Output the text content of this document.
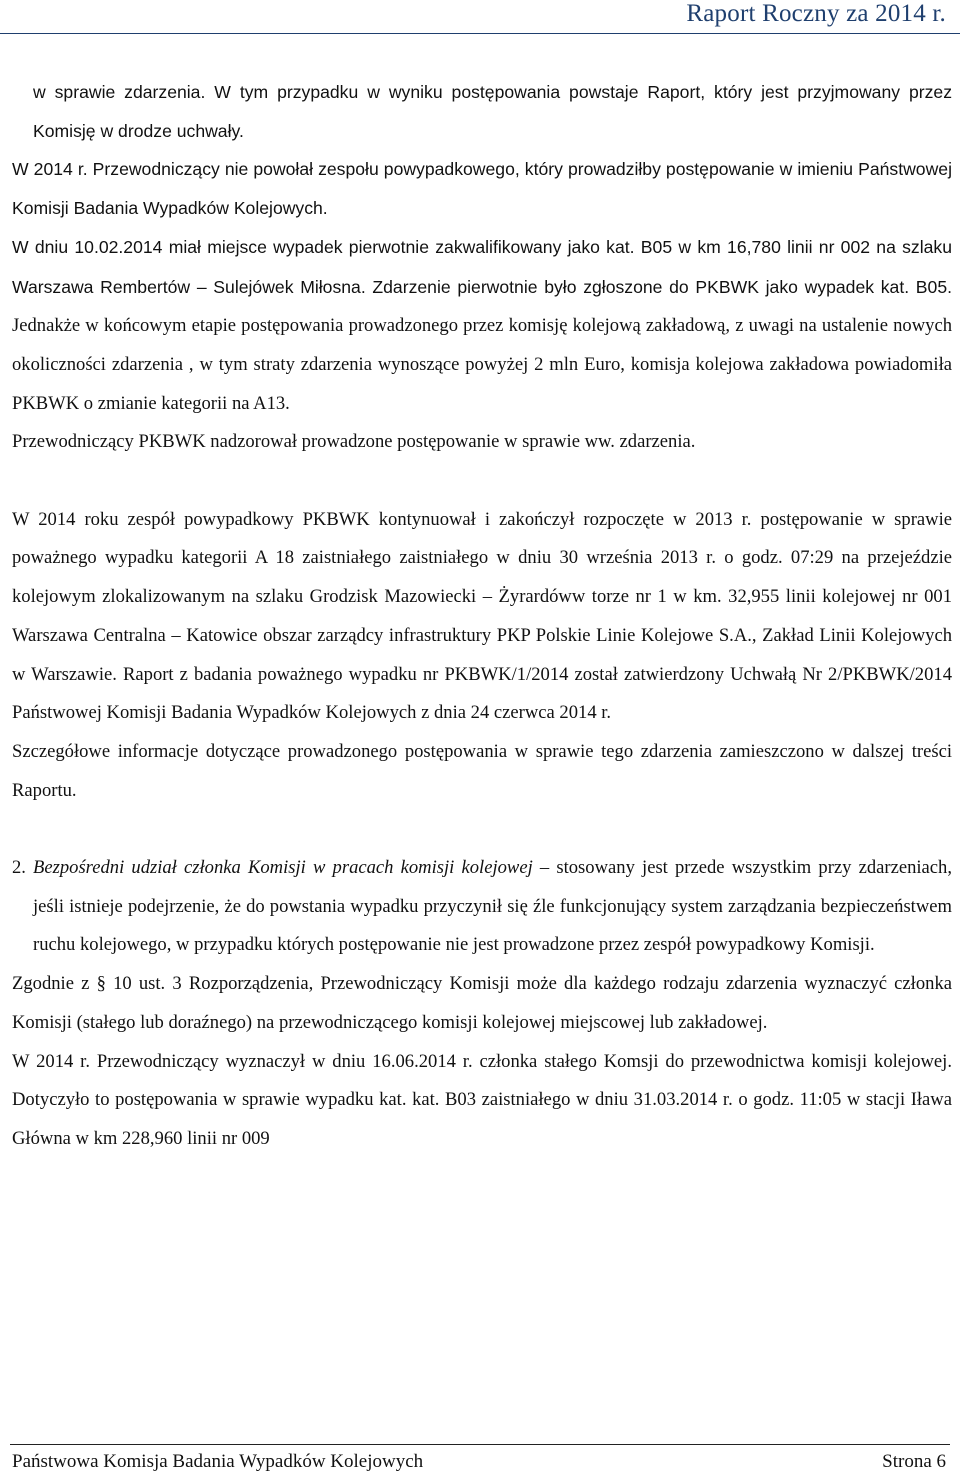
Raport Roczny za 2014 r.

w sprawie zdarzenia. W tym przypadku w wyniku postępowania powstaje Raport, który jest przyjmowany przez Komisję w drodze uchwały.

W 2014 r. Przewodniczący nie powołał zespołu powypadkowego, który prowadziłby postępowanie w imieniu Państwowej Komisji Badania Wypadków Kolejowych.

W dniu 10.02.2014 miał miejsce wypadek pierwotnie zakwalifikowany jako kat. B05 w km 16,780 linii nr 002 na szlaku Warszawa Rembertów – Sulejówek Miłosna. Zdarzenie pierwotnie było zgłoszone do PKBWK jako wypadek kat. B05. Jednakże w końcowym etapie postępowania prowadzonego przez komisję kolejową zakładową, z uwagi na ustalenie nowych okoliczności zdarzenia , w tym straty zdarzenia wynoszące powyżej 2 mln Euro, komisja kolejowa zakładowa powiadomiła PKBWK o zmianie kategorii na A13.

Przewodniczący PKBWK nadzorował prowadzone postępowanie w sprawie ww. zdarzenia.

W 2014 roku zespół powypadkowy PKBWK kontynuował i zakończył rozpoczęte w 2013 r. postępowanie w sprawie poważnego wypadku kategorii A 18 zaistniałego zaistniałego w dniu 30 września 2013 r. o godz. 07:29 na przejeździe kolejowym zlokalizowanym na szlaku Grodzisk Mazowiecki – Żyrardóww torze nr 1 w km. 32,955 linii kolejowej nr 001 Warszawa Centralna – Katowice obszar zarządcy infrastruktury PKP Polskie Linie Kolejowe S.A., Zakład Linii Kolejowych w Warszawie. Raport z badania poważnego wypadku nr PKBWK/1/2014 został zatwierdzony Uchwałą Nr 2/PKBWK/2014 Państwowej Komisji Badania Wypadków Kolejowych z dnia 24 czerwca 2014 r.

Szczegółowe informacje dotyczące prowadzonego postępowania w sprawie tego zdarzenia zamieszczono w dalszej treści Raportu.

2. Bezpośredni udział członka Komisji w pracach komisji kolejowej – stosowany jest przede wszystkim przy zdarzeniach, jeśli istnieje podejrzenie, że do powstania wypadku przyczynił się źle funkcjonujący system zarządzania bezpieczeństwem ruchu kolejowego, w przypadku których postępowanie nie jest prowadzone przez zespół powypadkowy Komisji.

Zgodnie z § 10 ust. 3 Rozporządzenia, Przewodniczący Komisji może dla każdego rodzaju zdarzenia wyznaczyć członka Komisji (stałego lub doraźnego) na przewodniczącego komisji kolejowej miejscowej lub zakładowej.

W 2014 r. Przewodniczący wyznaczył w dniu 16.06.2014 r. członka stałego Komsji do przewodnictwa komisji kolejowej. Dotyczyło to postępowania w sprawie wypadku kat. kat. B03 zaistniałego w dniu 31.03.2014 r. o godz. 11:05 w stacji Iława Główna w km 228,960 linii nr 009

Państwowa Komisja Badania Wypadków Kolejowych	Strona 6
